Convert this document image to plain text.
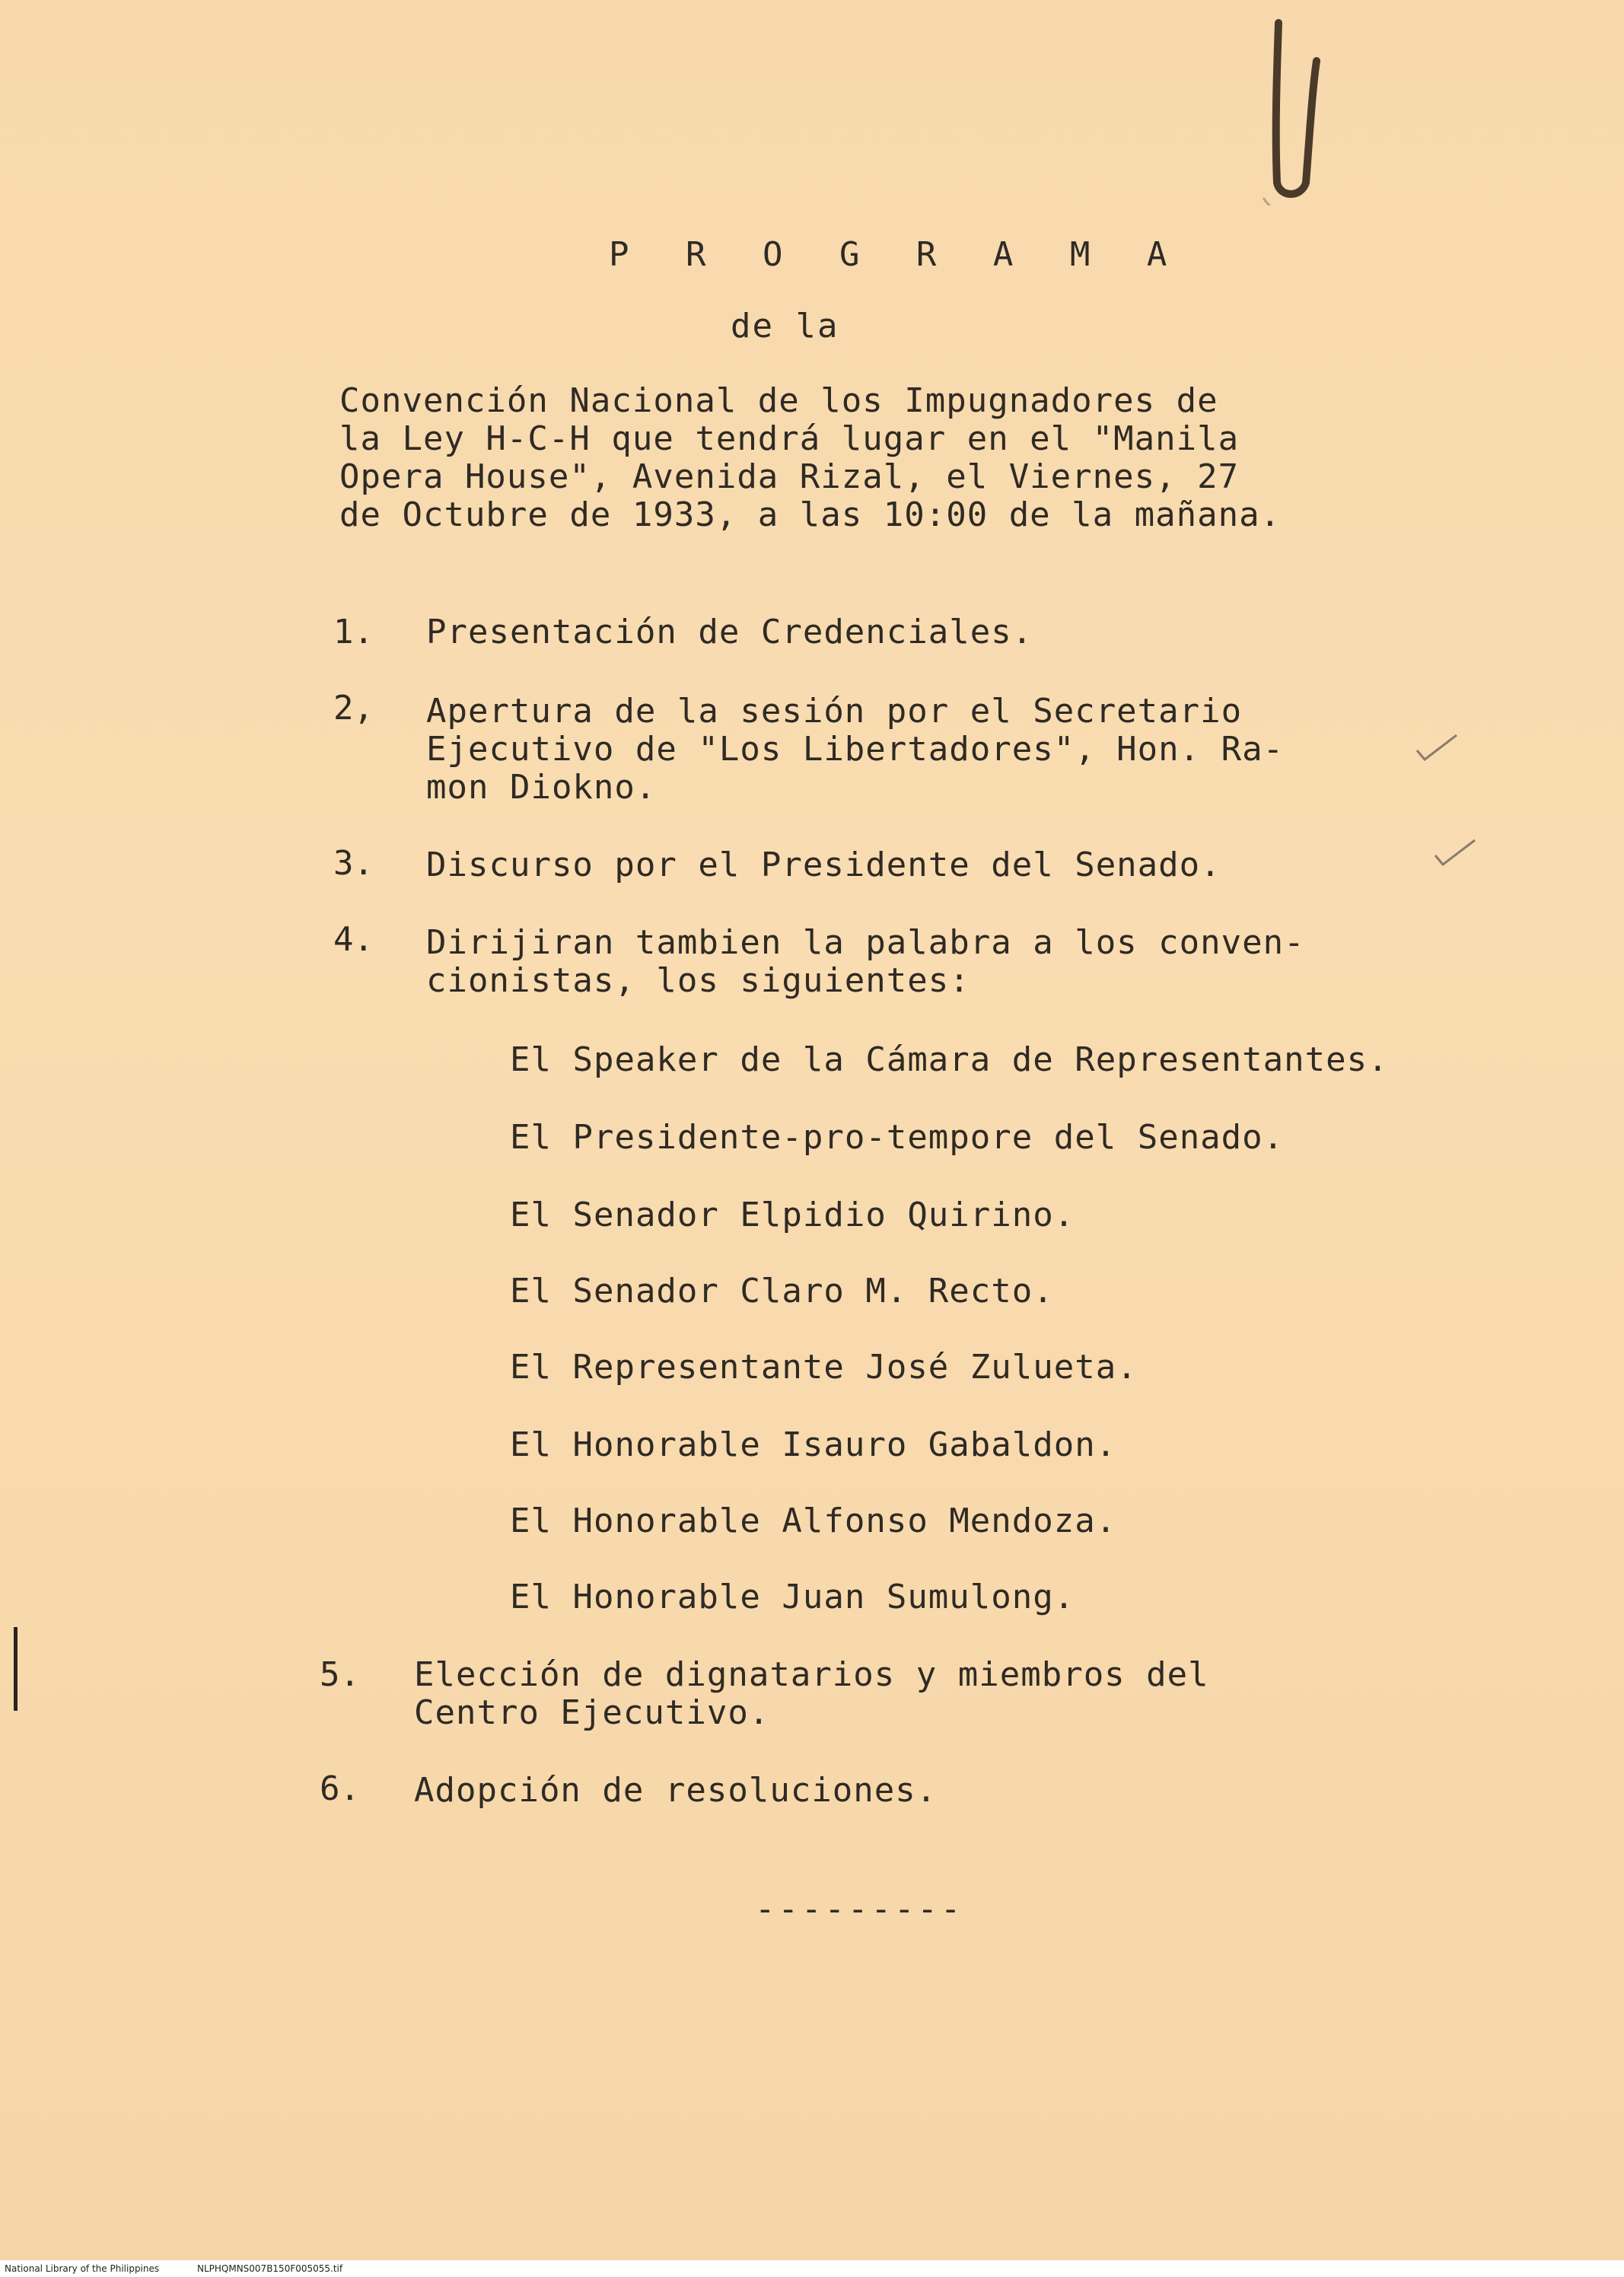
P R O G R A M A
de la
Convención Nacional de los Impugnadores de
la Ley H-C-H que tendrá lugar en el "Manila
Opera House", Avenida Rizal, el Viernes, 27
de Octubre de 1933, a las 10:00 de la mañana.
1. Presentación de Credenciales.
2, Apertura de la sesión por el Secretario
Ejecutivo de "Los Libertadores", Hon. Ra-
mon Diokno.
3. Discurso por el Presidente del Senado.
4. Dirijiran tambien la palabra a los conven-
cionistas, los siguientes:
El Speaker de la Cámara de Representantes.
El Presidente-pro-tempore del Senado.
El Senador Elpidio Quirino.
El Senador Claro M. Recto.
El Representante José Zulueta.
El Honorable Isauro Gabaldon.
El Honorable Alfonso Mendoza.
El Honorable Juan Sumulong.
5. Elección de dignatarios y miembros del
Centro Ejecutivo.
6. Adopción de resoluciones.
---------
National Library of the Philippines	NLPHQMNS007B150F005055.tif
